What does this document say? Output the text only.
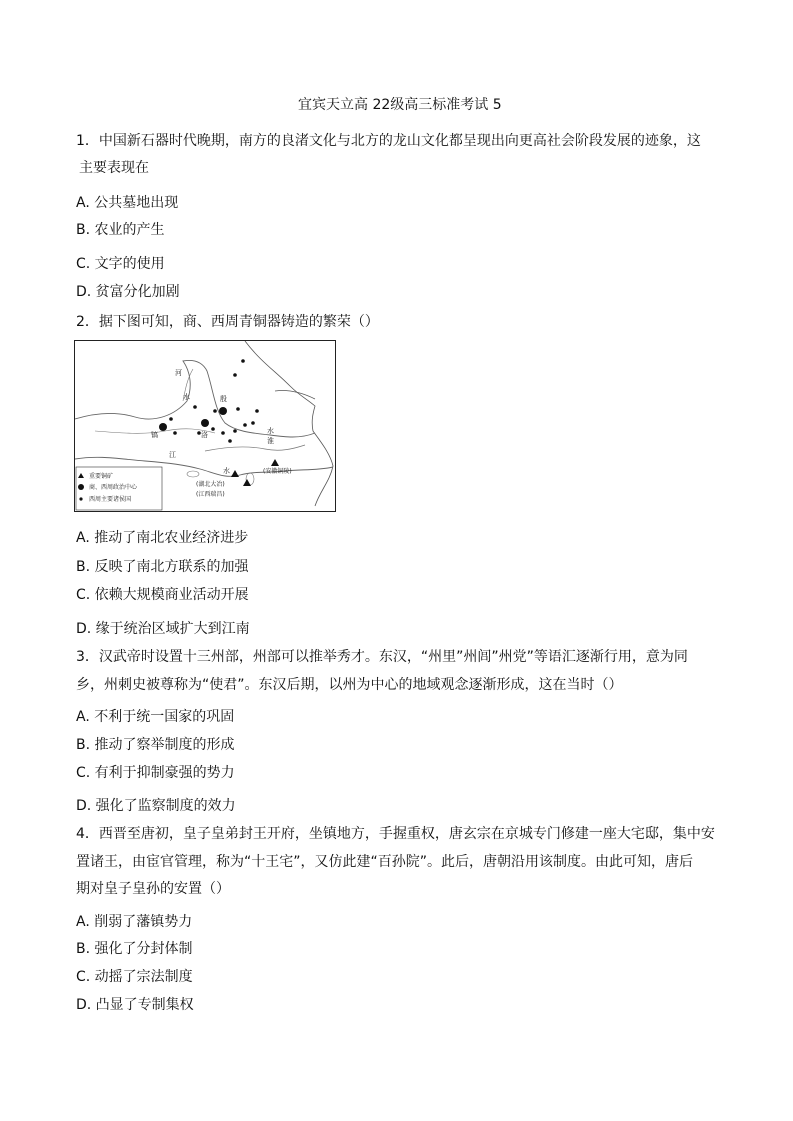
宜宾天立高 22级高三标准考试 5
1．中国新石器时代晚期，南方的良渚文化与北方的龙山文化都呈现出向更高社会阶段发展的迹象，这
主要表现在
A. 公共墓地出现
B. 农业的产生
C. 文字的使用
D. 贫富分化加剧
2．据下图可知，商、西周青铜器铸造的繁荣（）
河
水	殷
镐	洛
淮
水
江
水	(安徽铜陵)
(湖北大冶)
(江西瑞昌)
重要铜矿
商、西周政治中心
西周主要诸侯国
A. 推动了南北农业经济进步
B. 反映了南北方联系的加强
C. 依赖大规模商业活动开展
D. 缘于统治区域扩大到江南
3．汉武帝时设置十三州部，州部可以推举秀才。东汉，“州里”州闾”州党”等语汇逐渐行用，意为同
乡，州刺史被尊称为“使君”。东汉后期，以州为中心的地域观念逐渐形成，这在当时（）
A. 不利于统一国家的巩固
B. 推动了察举制度的形成
C. 有利于抑制豪强的势力
D. 强化了监察制度的效力
4．西晋至唐初，皇子皇弟封王开府，坐镇地方，手握重权，唐玄宗在京城专门修建一座大宅邸，集中安
置诸王，由宦官管理，称为“十王宅”，又仿此建“百孙院”。此后，唐朝沿用该制度。由此可知，唐后
期对皇子皇孙的安置（）
A. 削弱了藩镇势力
B. 强化了分封体制
C. 动摇了宗法制度
D. 凸显了专制集权
